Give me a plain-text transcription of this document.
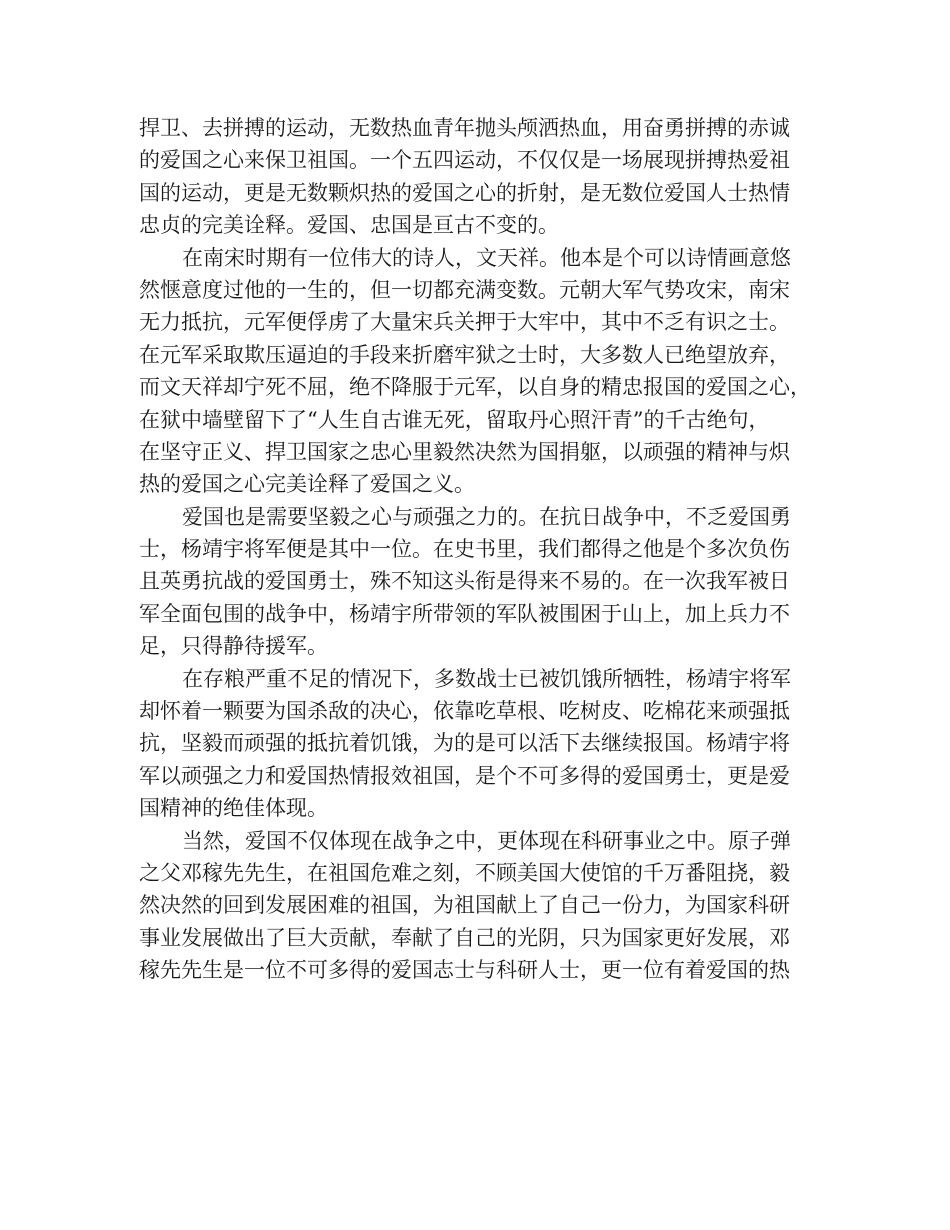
捍卫、去拼搏的运动，无数热血青年抛头颅洒热血，用奋勇拼搏的赤诚
的爱国之心来保卫祖国。一个五四运动，不仅仅是一场展现拼搏热爱祖
国的运动，更是无数颗炽热的爱国之心的折射，是无数位爱国人士热情
忠贞的完美诠释。爱国、忠国是亘古不变的。
在南宋时期有一位伟大的诗人，文天祥。他本是个可以诗情画意悠
然惬意度过他的一生的，但一切都充满变数。元朝大军气势攻宋，南宋
无力抵抗，元军便俘虏了大量宋兵关押于大牢中，其中不乏有识之士。
在元军采取欺压逼迫的手段来折磨牢狱之士时，大多数人已绝望放弃，
而文天祥却宁死不屈，绝不降服于元军，以自身的精忠报国的爱国之心，
在狱中墙壁留下了“人生自古谁无死，留取丹心照汗青”的千古绝句，
在坚守正义、捍卫国家之忠心里毅然决然为国捐躯，以顽强的精神与炽
热的爱国之心完美诠释了爱国之义。
爱国也是需要坚毅之心与顽强之力的。在抗日战争中，不乏爱国勇
士，杨靖宇将军便是其中一位。在史书里，我们都得之他是个多次负伤
且英勇抗战的爱国勇士，殊不知这头衔是得来不易的。在一次我军被日
军全面包围的战争中，杨靖宇所带领的军队被围困于山上，加上兵力不
足，只得静待援军。
在存粮严重不足的情况下，多数战士已被饥饿所牺牲，杨靖宇将军
却怀着一颗要为国杀敌的决心，依靠吃草根、吃树皮、吃棉花来顽强抵
抗，坚毅而顽强的抵抗着饥饿，为的是可以活下去继续报国。杨靖宇将
军以顽强之力和爱国热情报效祖国，是个不可多得的爱国勇士，更是爱
国精神的绝佳体现。
当然，爱国不仅体现在战争之中，更体现在科研事业之中。原子弹
之父邓稼先先生，在祖国危难之刻，不顾美国大使馆的千万番阻挠，毅
然决然的回到发展困难的祖国，为祖国献上了自己一份力，为国家科研
事业发展做出了巨大贡献，奉献了自己的光阴，只为国家更好发展，邓
稼先先生是一位不可多得的爱国志士与科研人士，更一位有着爱国的热
